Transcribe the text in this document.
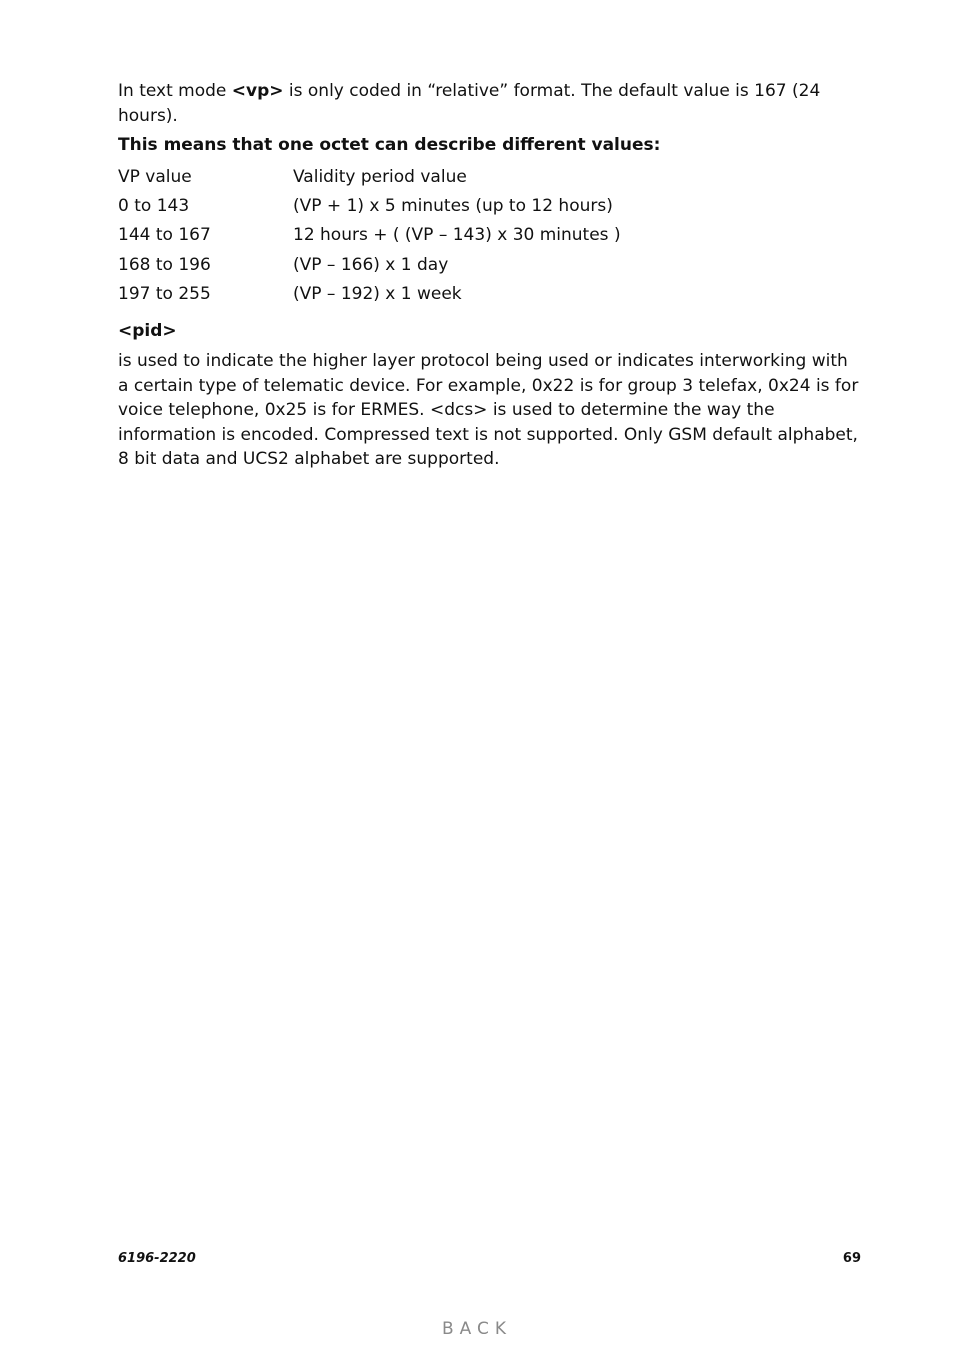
In text mode <vp> is only coded in “relative” format. The default value is 167 (24 hours).

This means that one octet can describe different values:

VP value	Validity period value
0 to 143	(VP + 1) x 5 minutes (up to 12 hours)
144 to 167	12 hours + ( (VP – 143) x 30 minutes )
168 to 196	(VP – 166) x 1 day
197 to 255	(VP – 192) x 1 week

<pid>

is used to indicate the higher layer protocol being used or indicates interworking with a certain type of telematic device. For example, 0x22 is for group 3 telefax, 0x24 is for voice telephone, 0x25 is for ERMES. <dcs> is used to determine the way the information is encoded. Compressed text is not supported. Only GSM default alphabet, 8 bit data and UCS2 alphabet are supported.

6196-2220	69
BACK
